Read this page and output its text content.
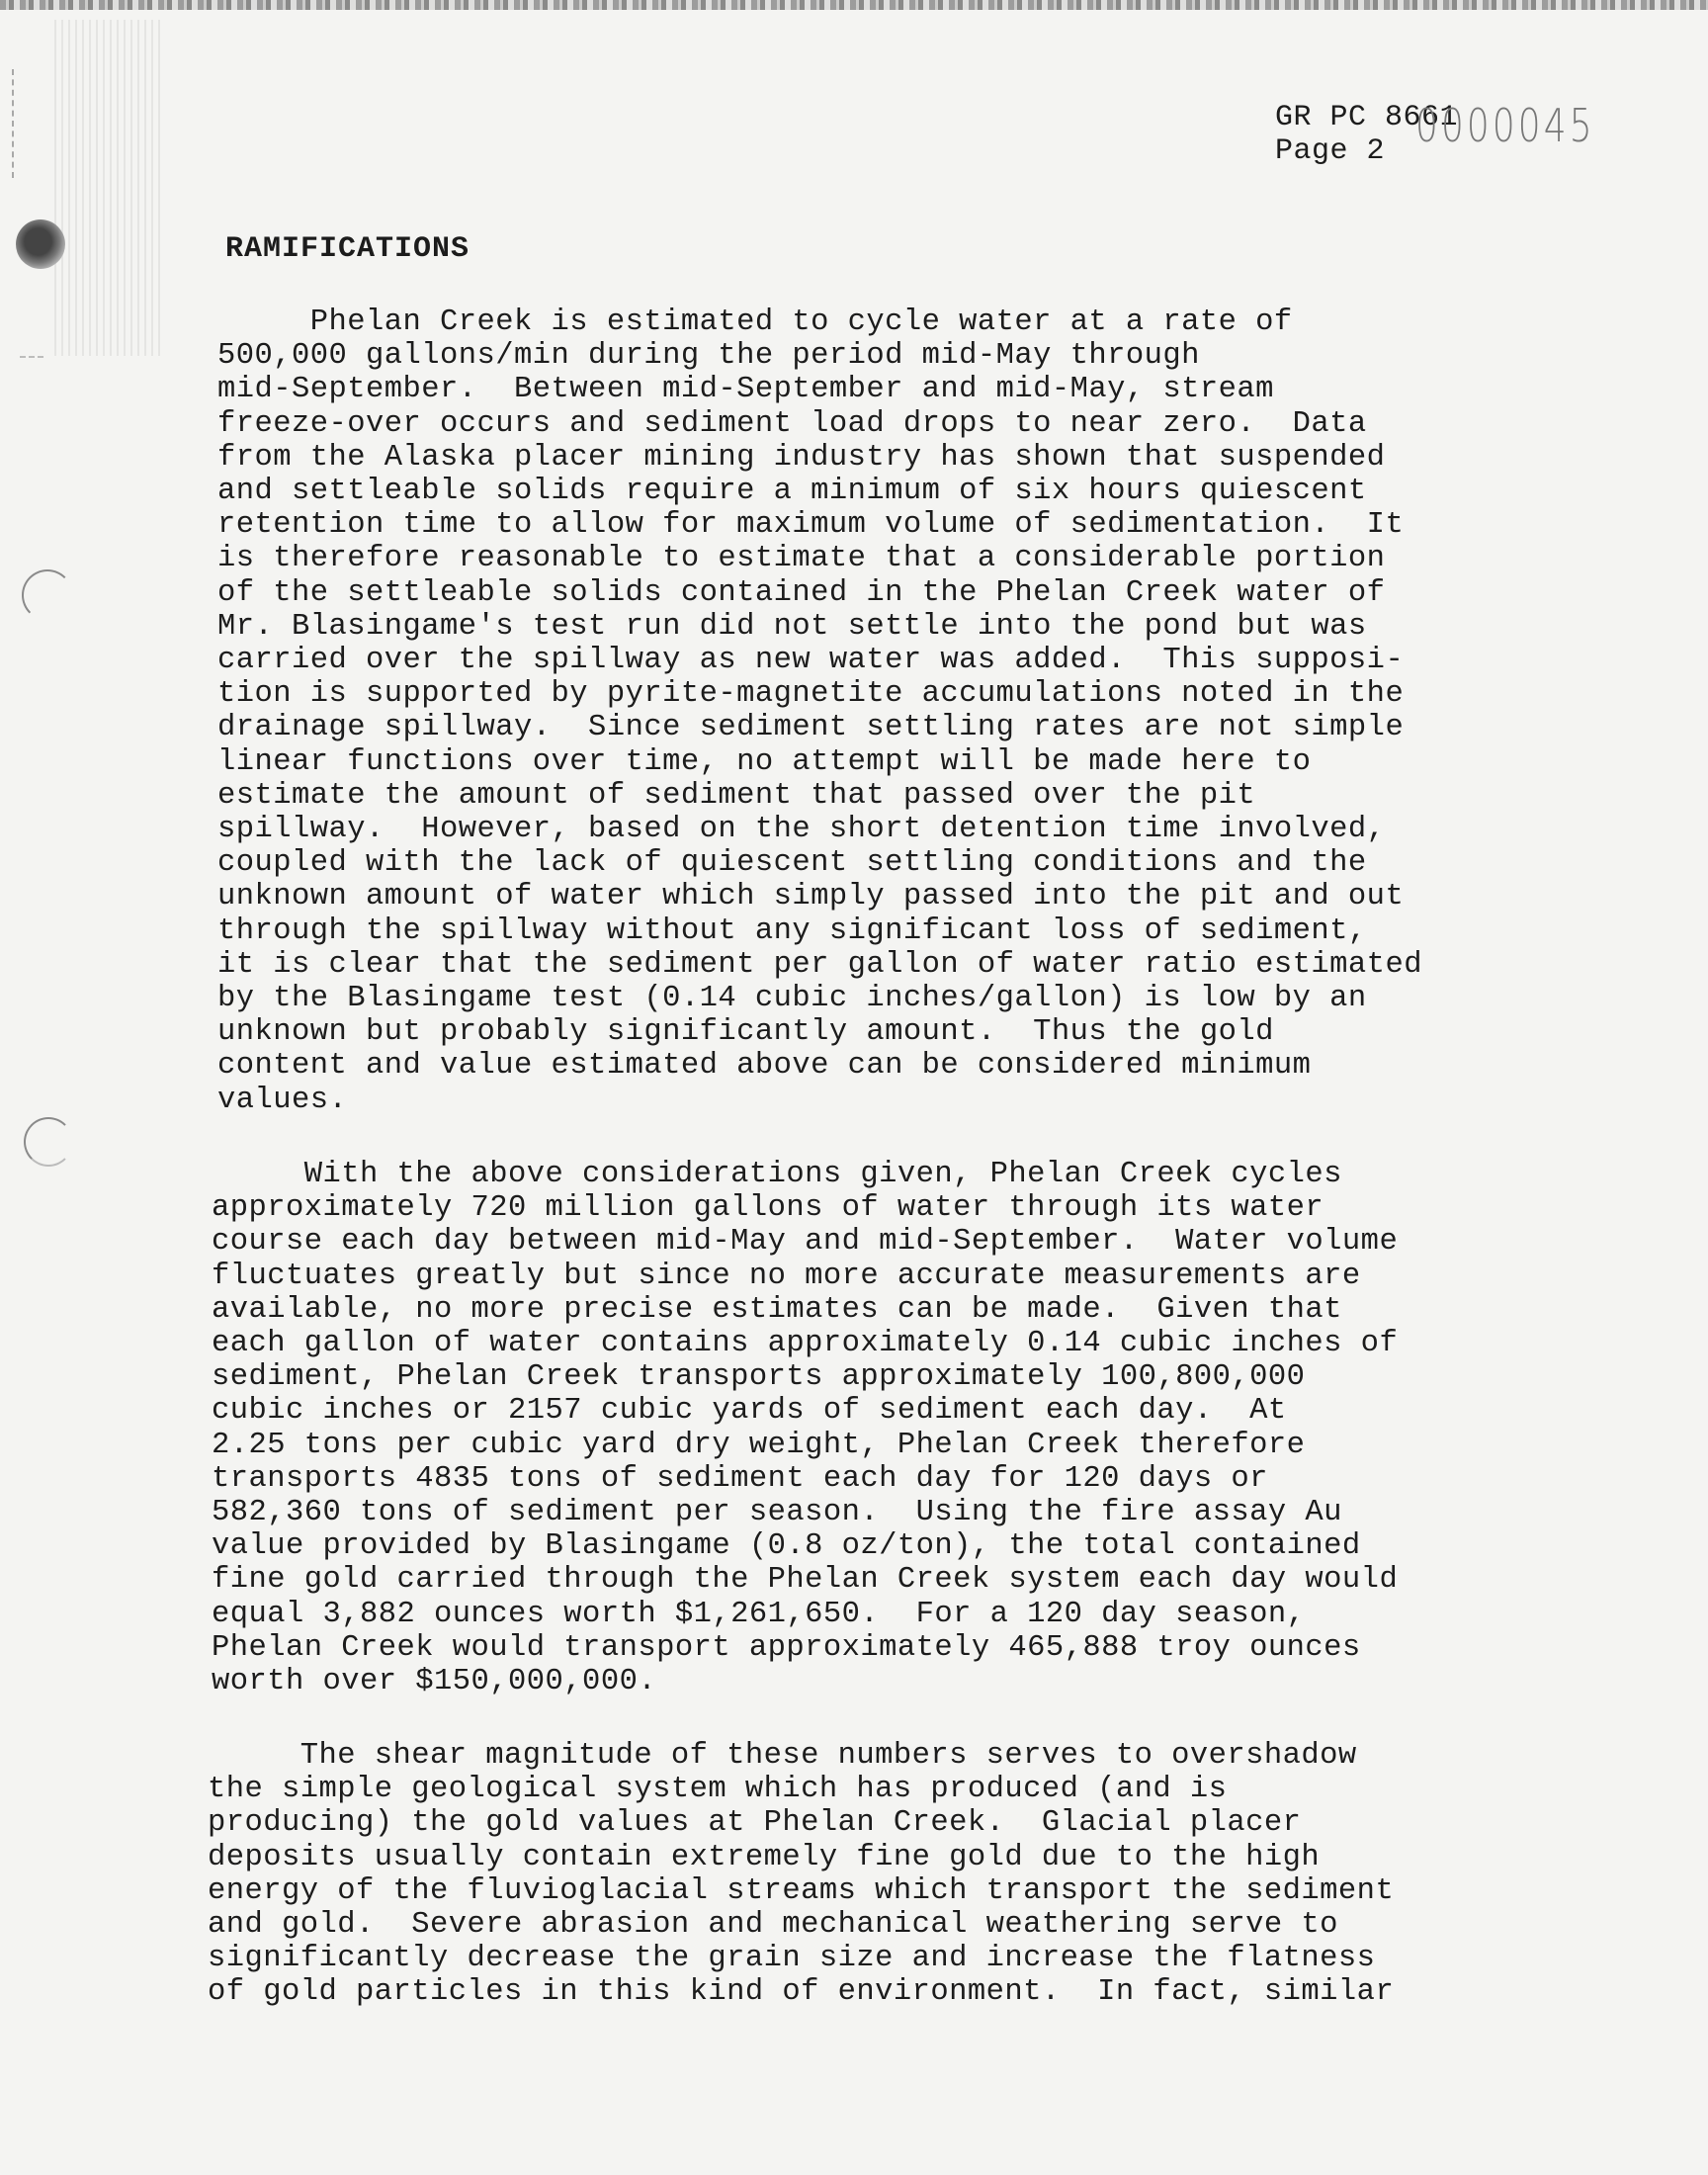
GR PC 8661
Page 2 0000045
RAMIFICATIONS
Phelan Creek is estimated to cycle water at a rate of
500,000 gallons/min during the period mid-May through
mid-September.  Between mid-September and mid-May, stream
freeze-over occurs and sediment load drops to near zero.  Data
from the Alaska placer mining industry has shown that suspended
and settleable solids require a minimum of six hours quiescent
retention time to allow for maximum volume of sedimentation.  It
is therefore reasonable to estimate that a considerable portion
of the settleable solids contained in the Phelan Creek water of
Mr. Blasingame's test run did not settle into the pond but was
carried over the spillway as new water was added.  This supposi-
tion is supported by pyrite-magnetite accumulations noted in the
drainage spillway.  Since sediment settling rates are not simple
linear functions over time, no attempt will be made here to
estimate the amount of sediment that passed over the pit
spillway.  However, based on the short detention time involved,
coupled with the lack of quiescent settling conditions and the
unknown amount of water which simply passed into the pit and out
through the spillway without any significant loss of sediment,
it is clear that the sediment per gallon of water ratio estimated
by the Blasingame test (0.14 cubic inches/gallon) is low by an
unknown but probably significantly amount.  Thus the gold
content and value estimated above can be considered minimum
values.
With the above considerations given, Phelan Creek cycles
approximately 720 million gallons of water through its water
course each day between mid-May and mid-September.  Water volume
fluctuates greatly but since no more accurate measurements are
available, no more precise estimates can be made.  Given that
each gallon of water contains approximately 0.14 cubic inches of
sediment, Phelan Creek transports approximately 100,800,000
cubic inches or 2157 cubic yards of sediment each day.  At
2.25 tons per cubic yard dry weight, Phelan Creek therefore
transports 4835 tons of sediment each day for 120 days or
582,360 tons of sediment per season.  Using the fire assay Au
value provided by Blasingame (0.8 oz/ton), the total contained
fine gold carried through the Phelan Creek system each day would
equal 3,882 ounces worth $1,261,650.  For a 120 day season,
Phelan Creek would transport approximately 465,888 troy ounces
worth over $150,000,000.
The shear magnitude of these numbers serves to overshadow
the simple geological system which has produced (and is
producing) the gold values at Phelan Creek.  Glacial placer
deposits usually contain extremely fine gold due to the high
energy of the fluvioglacial streams which transport the sediment
and gold.  Severe abrasion and mechanical weathering serve to
significantly decrease the grain size and increase the flatness
of gold particles in this kind of environment.  In fact, similar
